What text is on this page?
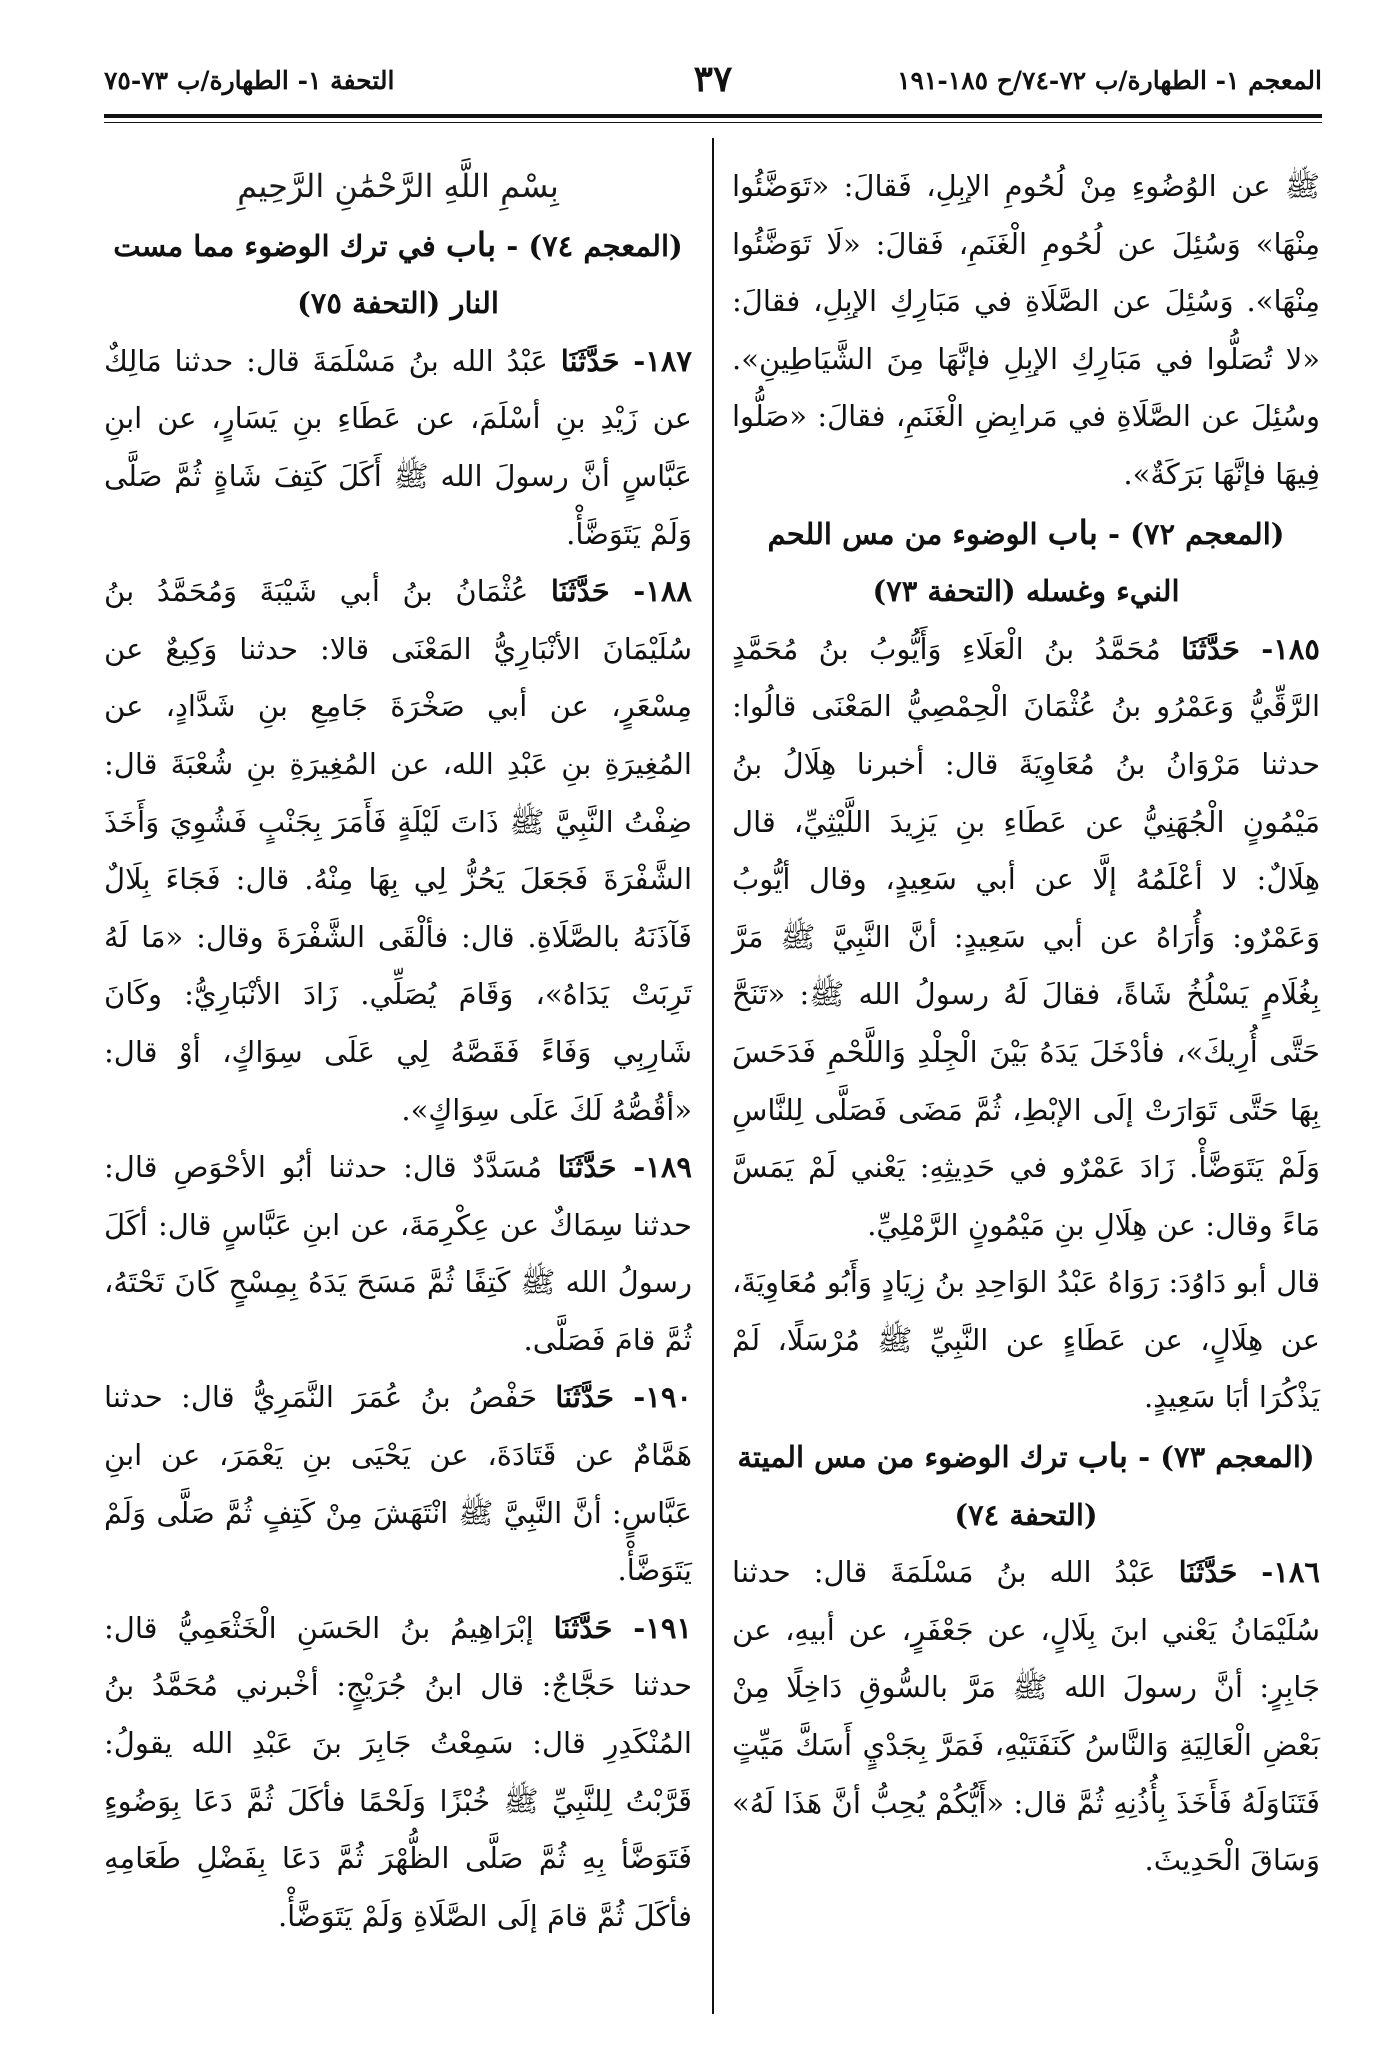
المعجم ١- الطهارة/ب ٧٢-٧٤/ح ١٨٥-١٩١
٣٧
التحفة ١- الطهارة/ب ٧٣-٧٥

ﷺ عن الوُضُوءِ مِنْ لُحُومِ الإبِلِ، فَقالَ: «تَوَضَّئُوا مِنْهَا» وَسُئِلَ عن لُحُومِ الْغَنَمِ، فَقالَ: «لَا تَوَضَّئُوا مِنْهَا». وَسُئِلَ عن الصَّلَاةِ في مَبَارِكِ الإبِلِ، فقالَ: «لا تُصَلُّوا في مَبَارِكِ الإبِلِ فإنَّهَا مِنَ الشَّيَاطِينِ». وسُئِلَ عن الصَّلَاةِ في مَرابِضِ الْغَنَمِ، فقالَ: «صَلُّوا فِيهَا فإنَّهَا بَرَكَةٌ».

(المعجم ٧٢) - باب الوضوء من مس اللحم النيء وغسله (التحفة ٧٣)

١٨٥- حَدَّثَنَا مُحَمَّدُ بنُ الْعَلَاءِ وَأَيُّوبُ بنُ مُحَمَّدٍ الرَّقِّيُّ وَعَمْرُو بنُ عُثْمَانَ الْحِمْصِيُّ المَعْنَى قالُوا: حدثنا مَرْوَانُ بنُ مُعَاوِيَةَ قال: أخبرنا هِلَالُ بنُ مَيْمُونٍ الْجُهَنِيُّ عن عَطَاءِ بنِ يَزِيدَ اللَّيْثِيِّ، قال هِلَالٌ: لا أعْلَمُهُ إلَّا عن أبي سَعِيدٍ، وقال أيُّوبُ وَعَمْرٌو: وَأُرَاهُ عن أبي سَعِيدٍ: أنَّ النَّبِيَّ ﷺ مَرَّ بِغُلَامٍ يَسْلُخُ شَاةً، فقالَ لَهُ رسولُ الله ﷺ: «تَنَحَّ حَتَّى أُرِيكَ»، فأدْخَلَ يَدَهُ بَيْنَ الْجِلْدِ وَاللَّحْمِ فَدَحَسَ بِهَا حَتَّى تَوَارَتْ إلَى الإبْطِ، ثُمَّ مَضَى فَصَلَّى لِلنَّاسِ وَلَمْ يَتَوَضَّأْ. زَادَ عَمْرٌو في حَدِيثِهِ: يَعْني لَمْ يَمَسَّ مَاءً وقال: عن هِلَالِ بنِ مَيْمُونٍ الرَّمْلِيِّ.

قال أبو دَاوُدَ: رَوَاهُ عَبْدُ الوَاحِدِ بنُ زِيَادٍ وَأَبُو مُعَاوِيَةَ، عن هِلَالٍ، عن عَطَاءٍ عن النَّبِيِّ ﷺ مُرْسَلًا، لَمْ يَذْكُرَا أبَا سَعِيدٍ.

(المعجم ٧٣) - باب ترك الوضوء من مس الميتة (التحفة ٧٤)

١٨٦- حَدَّثَنَا عَبْدُ الله بنُ مَسْلَمَةَ قال: حدثنا سُلَيْمَانُ يَعْني ابنَ بِلَالٍ، عن جَعْفَرٍ، عن أبيهِ، عن جَابِرٍ: أنَّ رسولَ الله ﷺ مَرَّ بالسُّوقِ دَاخِلًا مِنْ بَعْضِ الْعَالِيَةِ وَالنَّاسُ كَنَفَتَيْهِ، فَمَرَّ بِجَدْيٍ أَسَكَّ مَيِّتٍ فَتَنَاوَلَهُ فَأَخَذَ بِأُذُنِهِ ثُمَّ قال: «أَيُّكُمْ يُحِبُّ أنَّ هَذَا لَهُ» وَسَاقَ الْحَدِيثَ.

بِسْمِ اللَّهِ الرَّحْمَٰنِ الرَّحِيمِ

(المعجم ٧٤) - باب في ترك الوضوء مما مست النار (التحفة ٧٥)

١٨٧- حَدَّثَنَا عَبْدُ الله بنُ مَسْلَمَةَ قال: حدثنا مَالِكٌ عن زَيْدِ بنِ أسْلَمَ، عن عَطَاءِ بنِ يَسَارٍ، عن ابنِ عَبَّاسٍ أنَّ رسولَ الله ﷺ أَكَلَ كَتِفَ شَاةٍ ثُمَّ صَلَّى وَلَمْ يَتَوَضَّأْ.

١٨٨- حَدَّثَنَا عُثْمَانُ بنُ أبي شَيْبَةَ وَمُحَمَّدُ بنُ سُلَيْمَانَ الأنْبَارِيُّ المَعْنَى قالا: حدثنا وَكِيعٌ عن مِسْعَرٍ، عن أبي صَخْرَةَ جَامِعِ بنِ شَدَّادٍ، عن المُغِيرَةِ بنِ عَبْدِ الله، عن المُغِيرَةِ بنِ شُعْبَةَ قال: ضِفْتُ النَّبِيَّ ﷺ ذَاتَ لَيْلَةٍ فَأَمَرَ بِجَنْبٍ فَشُوِيَ وَأَخَذَ الشَّفْرَةَ فَجَعَلَ يَحُزُّ لِي بِهَا مِنْهُ. قال: فَجَاءَ بِلَالٌ فَآذَنَهُ بالصَّلَاةِ. قال: فألْقَى الشَّفْرَةَ وقال: «مَا لَهُ تَرِبَتْ يَدَاهُ»، وَقَامَ يُصَلِّي. زَادَ الأنْبَارِيُّ: وكَانَ شَارِبِي وَفَاءً فَقَصَّهُ لِي عَلَى سِوَاكٍ، أوْ قال: «أقُصُّهُ لَكَ عَلَى سِوَاكٍ».

١٨٩- حَدَّثَنَا مُسَدَّدٌ قال: حدثنا أبُو الأحْوَصِ قال: حدثنا سِمَاكٌ عن عِكْرِمَةَ، عن ابنِ عَبَّاسٍ قال: أكَلَ رسولُ الله ﷺ كَتِفًا ثُمَّ مَسَحَ يَدَهُ بِمِسْحٍ كَانَ تَحْتَهُ، ثُمَّ قامَ فَصَلَّى.

١٩٠- حَدَّثَنَا حَفْصُ بنُ عُمَرَ النَّمَرِيُّ قال: حدثنا هَمَّامٌ عن قَتَادَةَ، عن يَحْيَى بنِ يَعْمَرَ، عن ابنِ عَبَّاسٍ: أنَّ النَّبِيَّ ﷺ انْتَهَشَ مِنْ كَتِفٍ ثُمَّ صَلَّى وَلَمْ يَتَوَضَّأْ.

١٩١- حَدَّثَنَا إبْرَاهِيمُ بنُ الحَسَنِ الْخَثْعَمِيُّ قال: حدثنا حَجَّاجٌ: قال ابنُ جُرَيْجٍ: أخْبرني مُحَمَّدُ بنُ المُنْكَدِرِ قال: سَمِعْتُ جَابِرَ بنَ عَبْدِ الله يقولُ: قَرَّبْتُ لِلنَّبِيِّ ﷺ خُبْزًا وَلَحْمًا فأكَلَ ثُمَّ دَعَا بِوَضُوءٍ فَتَوَضَّأ بِهِ ثُمَّ صَلَّى الظُّهْرَ ثُمَّ دَعَا بِفَضْلِ طَعَامِهِ فأكَلَ ثُمَّ قامَ إلَى الصَّلَاةِ وَلَمْ يَتَوَضَّأْ.
